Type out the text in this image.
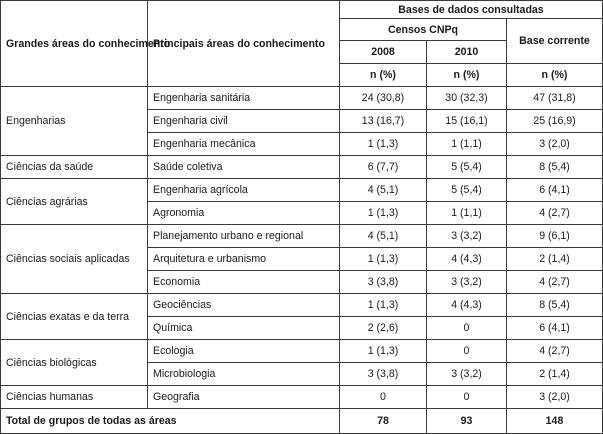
Grandes áreas do conhecimento	Principais áreas do conhecimento	Bases de dados consultadas		
		Censos CNPq		Base corrente
		2008	2010	
		n (%)	n (%)	n (%)
Engenharias	Engenharia sanitária	24 (30,8)	30 (32,3)	47 (31,8)
	Engenharia civil	13 (16,7)	15 (16,1)	25 (16,9)
	Engenharia mecânica	1 (1,3)	1 (1,1)	3 (2,0)
Ciências da saúde	Saúde coletiva	6 (7,7)	5 (5,4)	8 (5,4)
Ciências agrárias	Engenharia agrícola	4 (5,1)	5 (5,4)	6 (4,1)
	Agronomia	1 (1,3)	1 (1,1)	4 (2,7)
Ciências sociais aplicadas	Planejamento urbano e regional	4 (5,1)	3 (3,2)	9 (6,1)
	Arquitetura e urbanismo	1 (1,3)	4 (4,3)	2 (1,4)
	Economia	3 (3,8)	3 (3,2)	4 (2,7)
Ciências exatas e da terra	Geociências	1 (1,3)	4 (4,3)	8 (5,4)
	Química	2 (2,6)	0	6 (4,1)
Ciências biológicas	Ecologia	1 (1,3)	0	4 (2,7)
	Microbiologia	3 (3,8)	3 (3,2)	2 (1,4)
Ciências humanas	Geografia	0	0	3 (2,0)
Total de grupos de todas as áreas		78	93	148
